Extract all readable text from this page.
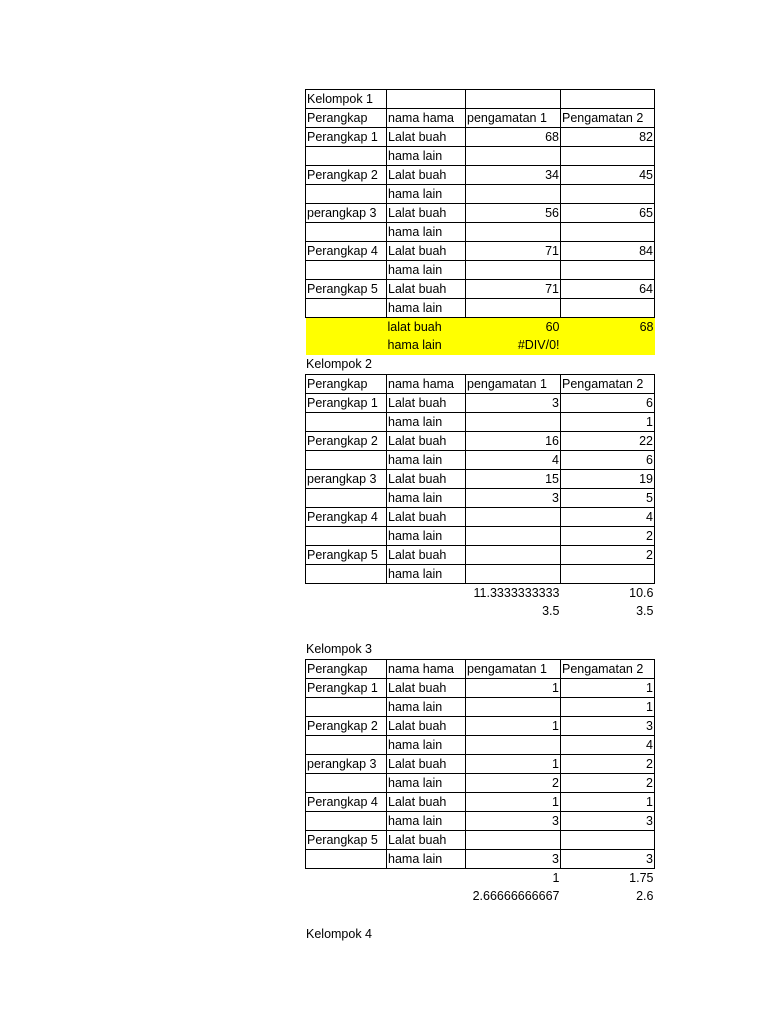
Kelompok 1			
Perangkap	nama hama	pengamatan 1	Pengamatan 2
Perangkap 1	Lalat buah	68	82
	hama lain		
Perangkap 2	Lalat buah	34	45
	hama lain		
perangkap 3	Lalat buah	56	65
	hama lain		
Perangkap 4	Lalat buah	71	84
	hama lain		
Perangkap 5	Lalat buah	71	64
	hama lain		
	lalat buah	60	68
	hama lain	#DIV/0!	
Kelompok 2
Perangkap	nama hama	pengamatan 1	Pengamatan 2
Perangkap 1	Lalat buah	3	6
	hama lain		1
Perangkap 2	Lalat buah	16	22
	hama lain	4	6
perangkap 3	Lalat buah	15	19
	hama lain	3	5
Perangkap 4	Lalat buah		4
	hama lain		2
Perangkap 5	Lalat buah		2
	hama lain		
		11.3333333333	10.6
		3.5	3.5
Kelompok 3
Perangkap	nama hama	pengamatan 1	Pengamatan 2
Perangkap 1	Lalat buah	1	1
	hama lain		1
Perangkap 2	Lalat buah	1	3
	hama lain		4
perangkap 3	Lalat buah	1	2
	hama lain	2	2
Perangkap 4	Lalat buah	1	1
	hama lain	3	3
Perangkap 5	Lalat buah		
	hama lain	3	3
		1	1.75
		2.66666666667	2.6
Kelompok 4
